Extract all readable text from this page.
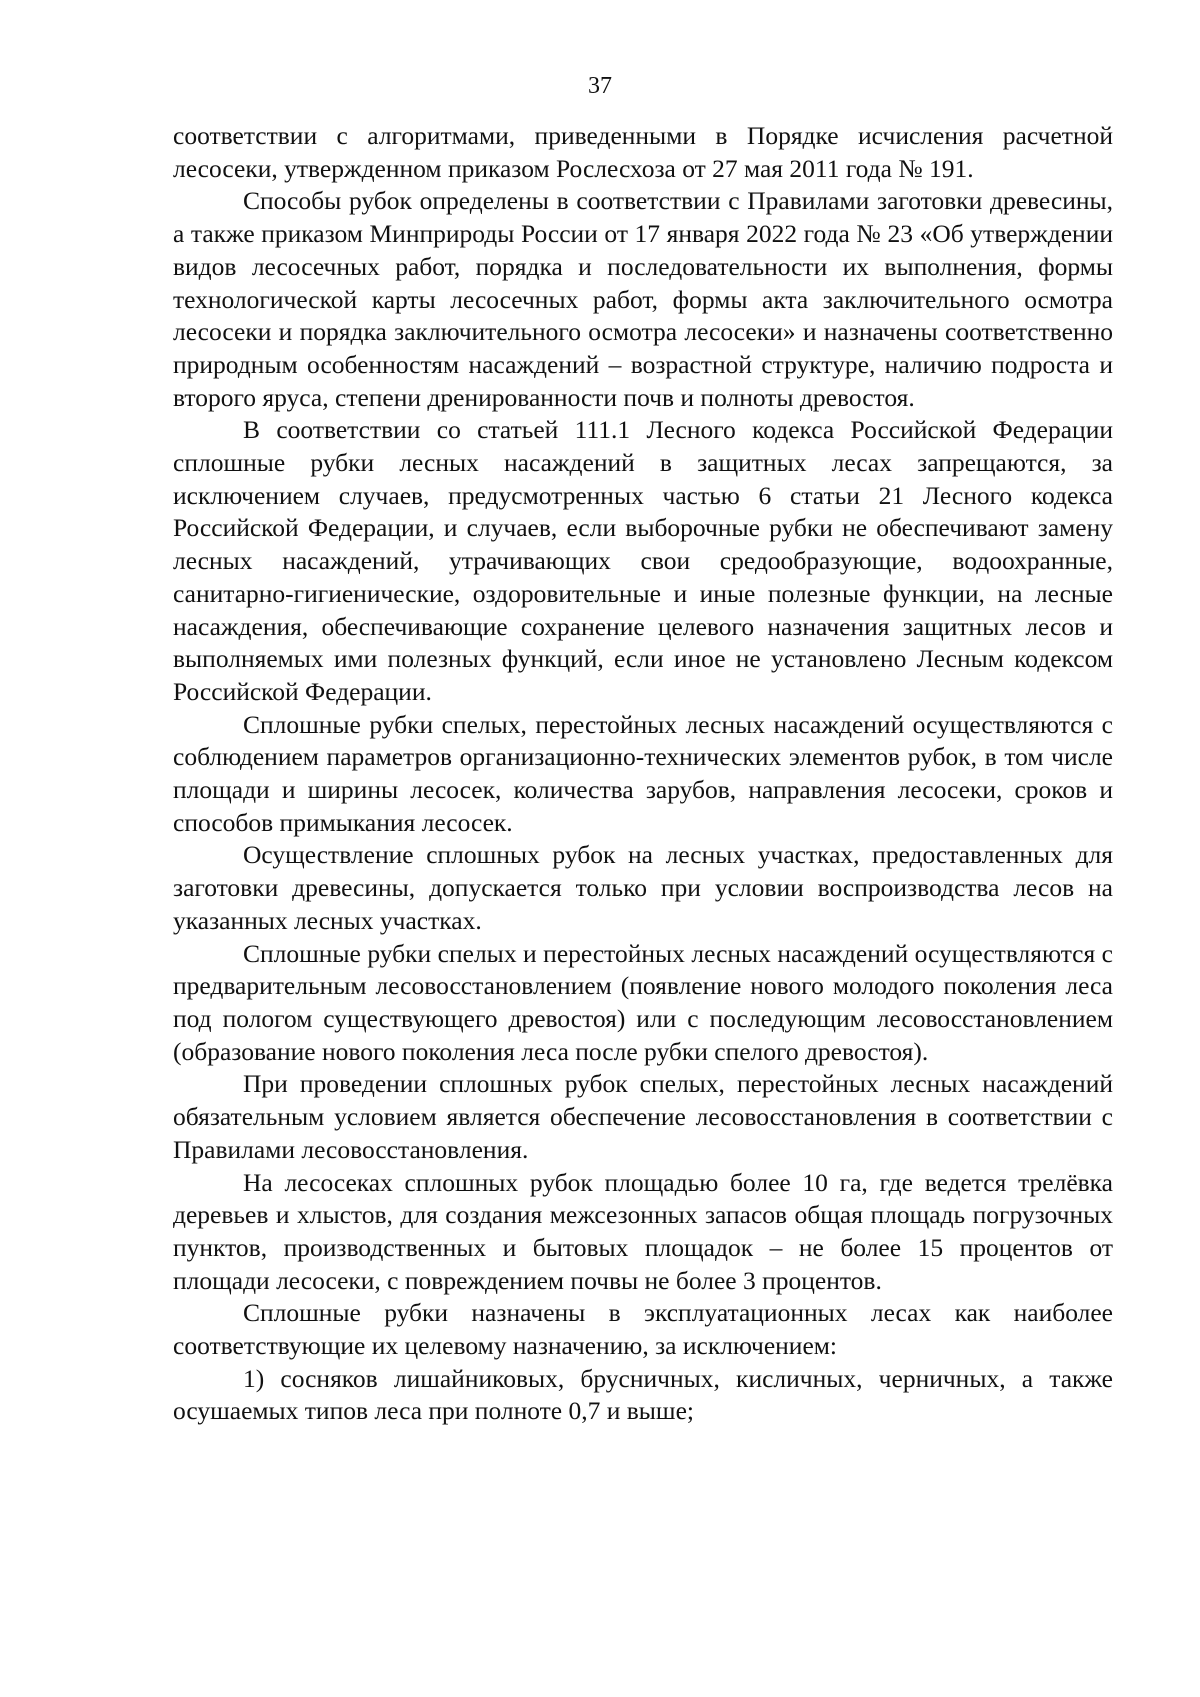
37

соответствии с алгоритмами, приведенными в Порядке исчисления расчетной лесосеки, утвержденном приказом Рослесхоза от 27 мая 2011 года № 191.

Способы рубок определены в соответствии с Правилами заготовки древесины, а также приказом Минприроды России от 17 января 2022 года № 23 «Об утверждении видов лесосечных работ, порядка и последовательности их выполнения, формы технологической карты лесосечных работ, формы акта заключительного осмотра лесосеки и порядка заключительного осмотра лесосеки» и назначены соответственно природным особенностям насаждений – возрастной структуре, наличию подроста и второго яруса, степени дренированности почв и полноты древостоя.

В соответствии со статьей 111.1 Лесного кодекса Российской Федерации сплошные рубки лесных насаждений в защитных лесах запрещаются, за исключением случаев, предусмотренных частью 6 статьи 21 Лесного кодекса Российской Федерации, и случаев, если выборочные рубки не обеспечивают замену лесных насаждений, утрачивающих свои средообразующие, водоохранные, санитарно-гигиенические, оздоровительные и иные полезные функции, на лесные насаждения, обеспечивающие сохранение целевого назначения защитных лесов и выполняемых ими полезных функций, если иное не установлено Лесным кодексом Российской Федерации.

Сплошные рубки спелых, перестойных лесных насаждений осуществляются с соблюдением параметров организационно-технических элементов рубок, в том числе площади и ширины лесосек, количества зарубов, направления лесосеки, сроков и способов примыкания лесосек.

Осуществление сплошных рубок на лесных участках, предоставленных для заготовки древесины, допускается только при условии воспроизводства лесов на указанных лесных участках.

Сплошные рубки спелых и перестойных лесных насаждений осуществляются с предварительным лесовосстановлением (появление нового молодого поколения леса под пологом существующего древостоя) или с последующим лесовосстановлением (образование нового поколения леса после рубки спелого древостоя).

При проведении сплошных рубок спелых, перестойных лесных насаждений обязательным условием является обеспечение лесовосстановления в соответствии с Правилами лесовосстановления.

На лесосеках сплошных рубок площадью более 10 га, где ведется трелёвка деревьев и хлыстов, для создания межсезонных запасов общая площадь погрузочных пунктов, производственных и бытовых площадок – не более 15 процентов от площади лесосеки, с повреждением почвы не более 3 процентов.

Сплошные рубки назначены в эксплуатационных лесах как наиболее соответствующие их целевому назначению, за исключением:

1) сосняков лишайниковых, брусничных, кисличных, черничных, а также осушаемых типов леса при полноте 0,7 и выше;
